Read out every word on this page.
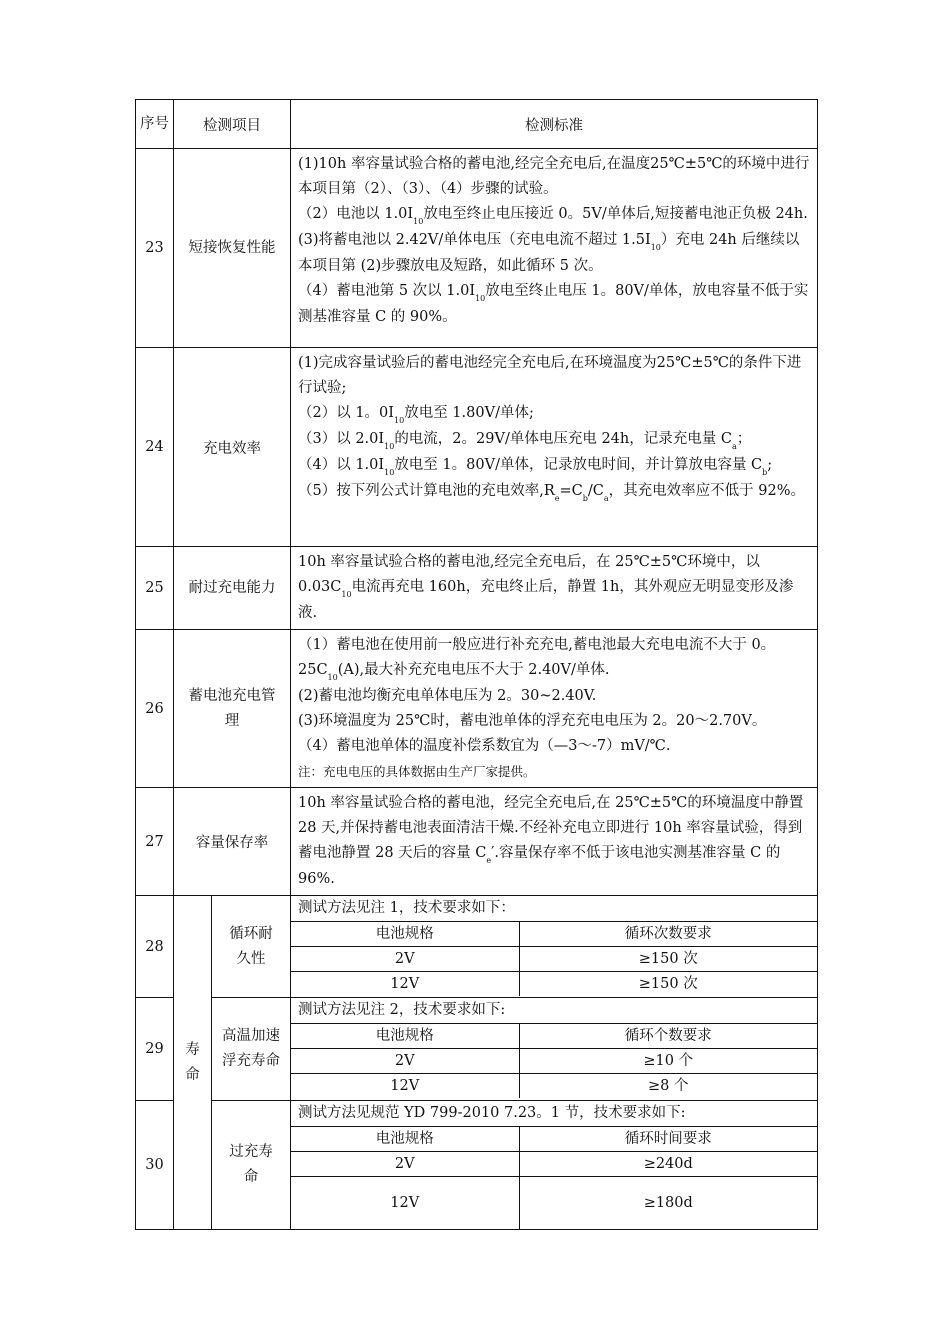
序号	检测项目	检测标准
23	短接恢复性能	

(1)10h 率容量试验合格的蓄电池,经完全充电后,在温度25℃±5℃的环境中进行本项目第（2）、（3）、（4）步骤的试验。

（2）电池以 $1.0I_{10}$放电至终止电压接近 0。5V/单体后,短接蓄电池正负极 24h.

(3)将蓄电池以 2.42V/单体电压（充电电流不超过 $1.5I_{10}$）充电 24h 后继续以本项目第 (2)步骤放电及短路，如此循环 5 次。

（4）蓄电池第 5 次以 $1.0I_{10}$放电至终止电压 1。80V/单体，放电容量不低于实测基准容量 C 的 90%。

24	充电效率	

(1)完成容量试验后的蓄电池经完全充电后,在环境温度为25℃±5℃的条件下进行试验;

（2）以 1。$0I_{10}$放电至 1.80V/单体;

（3）以 $2.0I_{10}$的电流，2。29V/单体电压充电 24h，记录充电量 $C_a$；

（4）以 $1.0I_{10}$放电至 1。80V/单体，记录放电时间，并计算放电容量 $C_b$;

（5）按下列公式计算电池的充电效率$,R_e=C_b/C_a$，其充电效率应不低于 92%。

25	耐过充电能力	

10h 率容量试验合格的蓄电池,经完全充电后，在 25℃±5℃环境中，以 $0.03C_{10}$电流再充电 160h，充电终止后，静置 1h，其外观应无明显变形及渗液.

26	蓄电池充电管理	

（1）蓄电池在使用前一般应进行补充充电,蓄电池最大充电电流不大于 0。$25C_{10}(A)$,最大补充充电电压不大于 2.40V/单体.

(2)蓄电池均衡充电单体电压为 2。30~2.40V.

(3)环境温度为 25℃时，蓄电池单体的浮充充电电压为 2。20～2.70V。

（4）蓄电池单体的温度补偿系数宜为（—3～-7）mV/℃.

注：充电电压的具体数据由生产厂家提供。

27	容量保存率	

10h 率容量试验合格的蓄电池，经完全充电后,在 25℃±5℃的环境温度中静置 28 天,并保持蓄电池表面清洁干燥.不经补充电立即进行 10h 率容量试验，得到蓄电池静置 28 天后的容量 $C_e'$.容量保存率不低于该电池实测基准容量 C 的 96%.

28	寿命	循环耐久性	
测试方法见注 1，技术要求如下：
电池规格	循环次数要求
2V	≥150 次
12V	≥150 次

29	高温加速浮充寿命	
测试方法见注 2，技术要求如下:
电池规格	循环个数要求
2V	≥10 个
12V	≥8 个

30	过充寿命	
测试方法见规范 YD 799-2010 7.23。1 节，技术要求如下:
电池规格	循环时间要求
2V	≥240d
12V	≥180d
